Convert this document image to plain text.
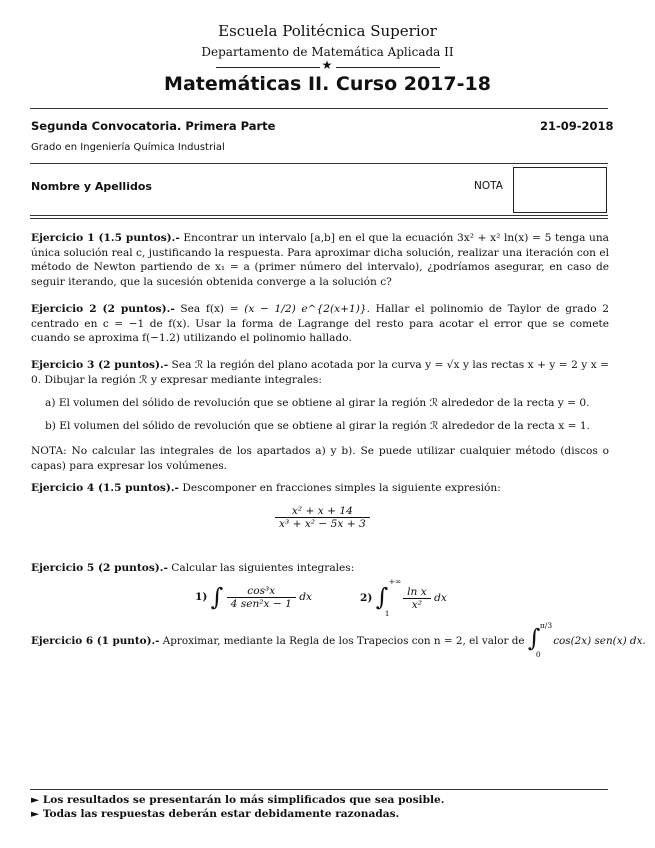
Escuela Politécnica Superior
Departamento de Matemática Aplicada II
★
Matemáticas II. Curso 2017-18
Segunda Convocatoria. Primera Parte	21-09-2018
Grado en Ingeniería Química Industrial
Nombre y Apellidos	NOTA
Ejercicio 1 (1.5 puntos).- Encontrar un intervalo [a,b] en el que la ecuación 3x² + x² ln(x) = 5 tenga una única solución real c, justificando la respuesta. Para aproximar dicha solución, realizar una iteración con el método de Newton partiendo de x₁ = a (primer número del intervalo), ¿podríamos asegurar, en caso de seguir iterando, que la sucesión obtenida converge a la solución c?
Ejercicio 2 (2 puntos).- Sea f(x) = (x − 1/2) e^{2(x+1)}. Hallar el polinomio de Taylor de grado 2 centrado en c = −1 de f(x). Usar la forma de Lagrange del resto para acotar el error que se comete cuando se aproxima f(−1.2) utilizando el polinomio hallado.
Ejercicio 3 (2 puntos).- Sea ℛ la región del plano acotada por la curva y = √x y las rectas x + y = 2 y x = 0. Dibujar la región ℛ y expresar mediante integrales:
a) El volumen del sólido de revolución que se obtiene al girar la región ℛ alrededor de la recta y = 0.
b) El volumen del sólido de revolución que se obtiene al girar la región ℛ alrededor de la recta x = 1.
NOTA: No calcular las integrales de los apartados a) y b). Se puede utilizar cualquier método (discos o capas) para expresar los volúmenes.
Ejercicio 4 (1.5 puntos).- Descomponer en fracciones simples la siguiente expresión:
$\frac{\text{x² + x + 14}}{\text{x³ + x² − 5x + 3}}$
Ejercicio 5 (2 puntos).- Calcular las siguientes integrales:
1) ∫ $\frac{\text{cos³x}}{\text{4 sen²x − 1}}$ dx	2) ∫
+∞
1

$\frac{\text{ln x}}{\text{x²}}$ dx
Ejercicio 6 (1 punto).- Aproximar, mediante la Regla de los Trapecios con n = 2, el valor de ∫ π/3
0
cos(2x) sen(x) dx.
► Los resultados se presentarán lo más simplificados que sea posible.
► Todas las respuestas deberán estar debidamente razonadas.
